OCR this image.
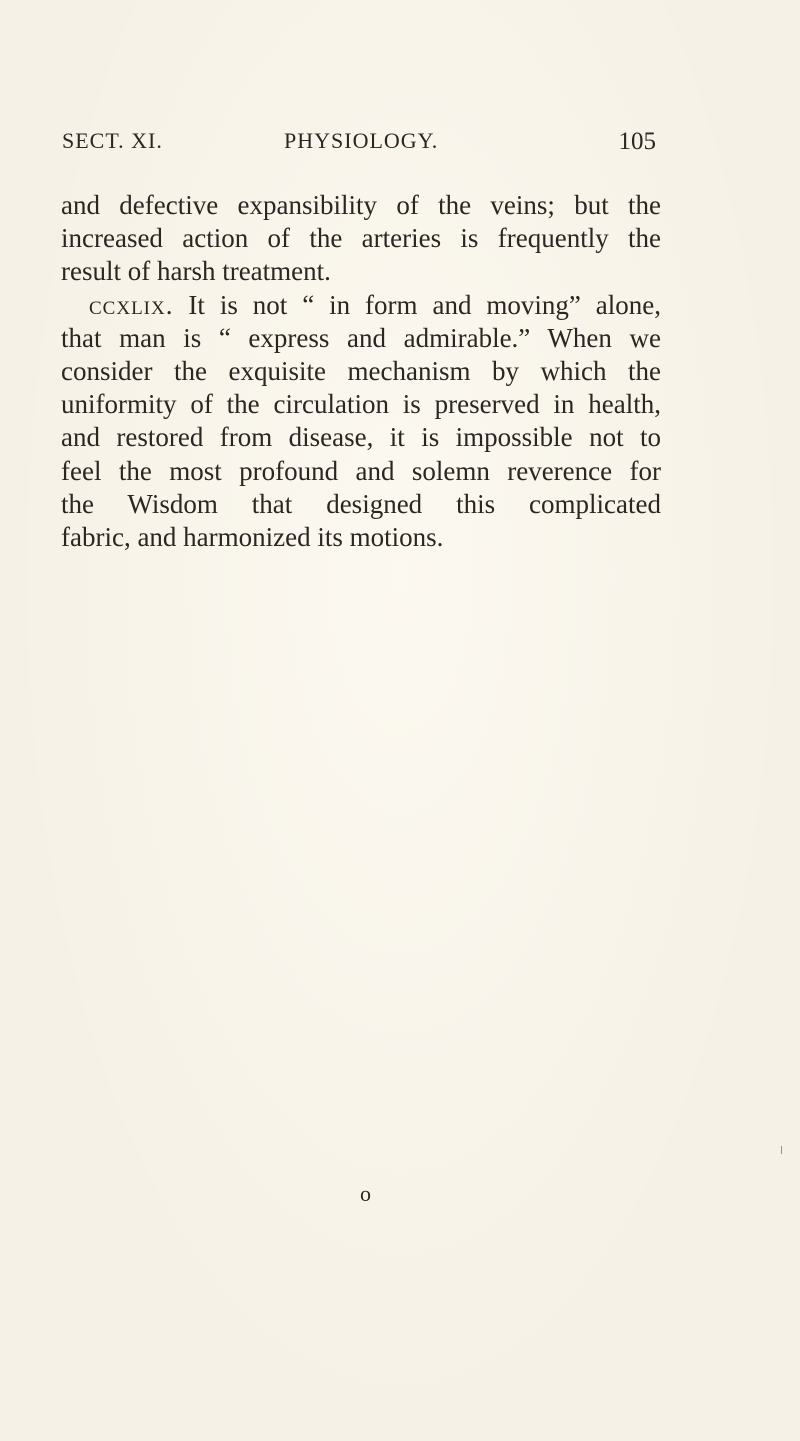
SECT. XI.	PHYSIOLOGY.	105
and defective expansibility of the veins; but the
increased action of the arteries is frequently the
result of harsh treatment.
ccxlix. It is not “ in form and moving” alone,
that man is “ express and admirable.” When we
consider the exquisite mechanism by which the
uniformity of the circulation is preserved in health,
and restored from disease, it is impossible not to
feel the most profound and solemn reverence for
the Wisdom that designed this complicated
fabric, and harmonized its motions.
o
